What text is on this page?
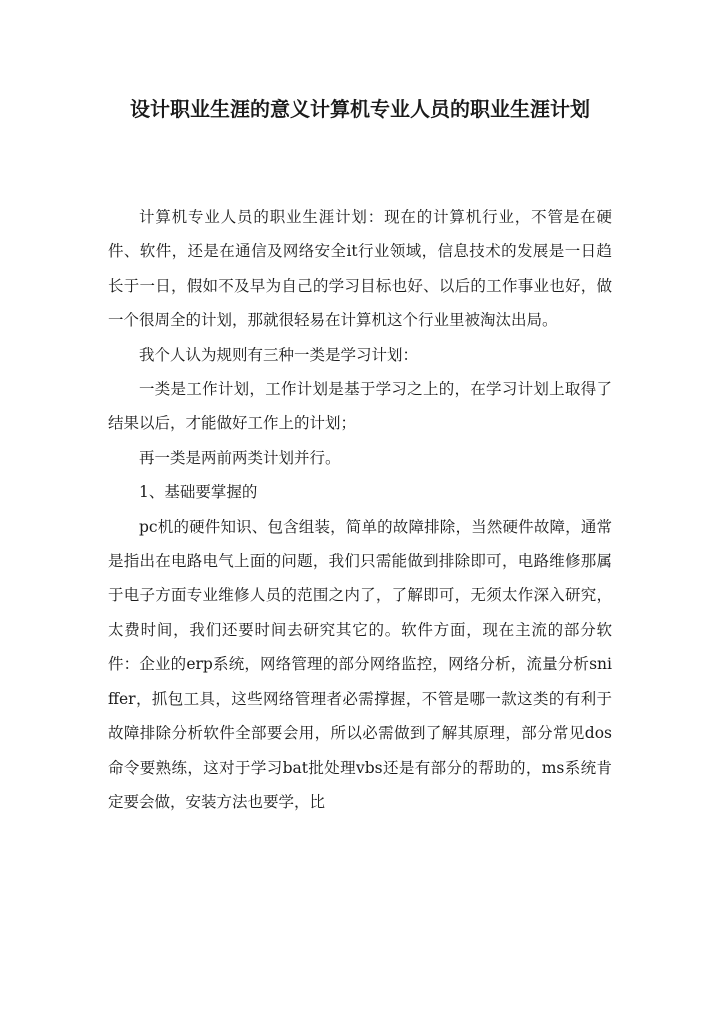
设计职业生涯的意义计算机专业人员的职业生涯计划

计算机专业人员的职业生涯计划：现在的计算机行业，不管是在硬件、软件，还是在通信及网络安全it行业领域，信息技术的发展是一日趋长于一日，假如不及早为自己的学习目标也好、以后的工作事业也好，做一个很周全的计划，那就很轻易在计算机这个行业里被淘汰出局。

我个人认为规则有三种一类是学习计划：

一类是工作计划，工作计划是基于学习之上的，在学习计划上取得了结果以后，才能做好工作上的计划；

再一类是两前两类计划并行。

1、基础要掌握的

pc机的硬件知识、包含组装，简单的故障排除，当然硬件故障，通常是指出在电路电气上面的问题，我们只需能做到排除即可，电路维修那属于电子方面专业维修人员的范围之内了，了解即可，无须太作深入研究，太费时间，我们还要时间去研究其它的。软件方面，现在主流的部分软件：企业的erp系统，网络管理的部分网络监控，网络分析，流量分析sniffer，抓包工具，这些网络管理者必需撑握，不管是哪一款这类的有利于故障排除分析软件全部要会用，所以必需做到了解其原理，部分常见dos命令要熟练，这对于学习bat批处理vbs还是有部分的帮助的，ms系统肯定要会做，安装方法也要学，比
